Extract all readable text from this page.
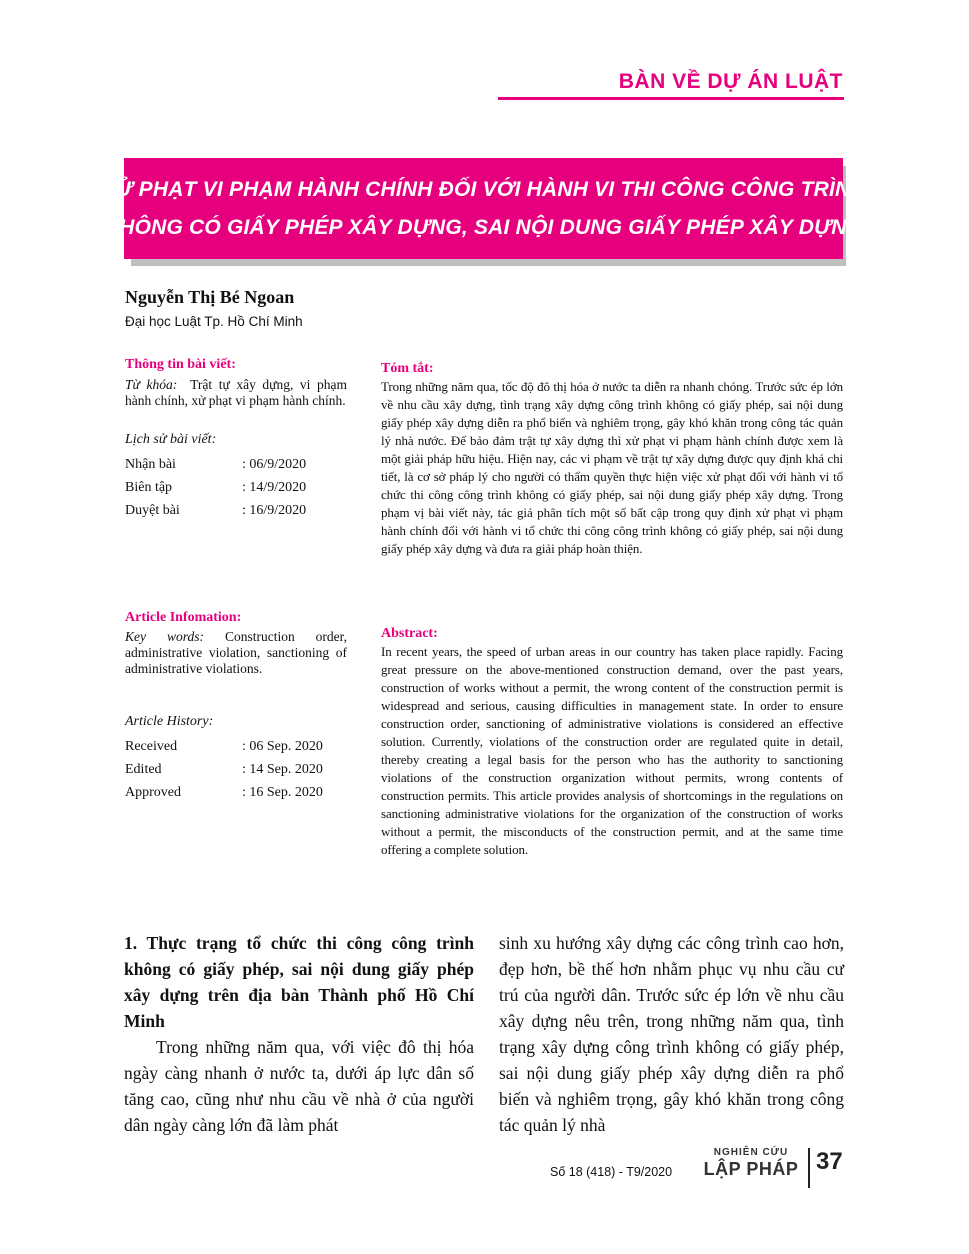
BÀN VỀ DỰ ÁN LUẬT
XỬ PHẠT VI PHẠM HÀNH CHÍNH ĐỐI VỚI HÀNH VI THI CÔNG CÔNG TRÌNH
KHÔNG CÓ GIẤY PHÉP XÂY DỰNG, SAI NỘI DUNG GIẤY PHÉP XÂY DỰNG
Nguyễn Thị Bé Ngoan
Đại học Luật Tp. Hồ Chí Minh
Thông tin bài viết:
Từ khóa: Trật tự xây dựng, vi phạm hành chính, xử phạt vi phạm hành chính.
Lịch sử bài viết:
Nhận bài	: 06/9/2020
Biên tập	: 14/9/2020
Duyệt bài	: 16/9/2020
Article Infomation:
Key words: Construction order, administrative violation, sanctioning of administrative violations.
Article History:
Received	: 06 Sep. 2020
Edited	: 14 Sep. 2020
Approved	: 16 Sep. 2020
Tóm tắt:
Trong những năm qua, tốc độ đô thị hóa ở nước ta diễn ra nhanh chóng. Trước sức ép lớn về nhu cầu xây dựng, tình trạng xây dựng công trình không có giấy phép, sai nội dung giấy phép xây dựng diễn ra phổ biến và nghiêm trọng, gây khó khăn trong công tác quản lý nhà nước. Để bảo đảm trật tự xây dựng thì xử phạt vi phạm hành chính được xem là một giải pháp hữu hiệu. Hiện nay, các vi phạm về trật tự xây dựng được quy định khá chi tiết, là cơ sở pháp lý cho người có thẩm quyền thực hiện việc xử phạt đối với hành vi tổ chức thi công công trình không có giấy phép, sai nội dung giấy phép xây dựng. Trong phạm vị bài viết này, tác giả phân tích một số bất cập trong quy định xử phạt vi phạm hành chính đối với hành vi tổ chức thi công công trình không có giấy phép, sai nội dung giấy phép xây dựng và đưa ra giải pháp hoàn thiện.
Abstract:
In recent years, the speed of urban areas in our country has taken place rapidly. Facing great pressure on the above-mentioned construction demand, over the past years, construction of works without a permit, the wrong content of the construction permit is widespread and serious, causing difficulties in management state. In order to ensure construction order, sanctioning of administrative violations is considered an effective solution. Currently, violations of the construction order are regulated quite in detail, thereby creating a legal basis for the person who has the authority to sanctioning violations of the construction organization without permits, wrong contents of construction permits. This article provides analysis of shortcomings in the regulations on sanctioning administrative violations for the organization of the construction of works without a permit, the misconducts of the construction permit, and at the same time offering a complete solution.
1. Thực trạng tổ chức thi công công trình không có giấy phép, sai nội dung giấy phép xây dựng trên địa bàn Thành phố Hồ Chí Minh
Trong những năm qua, với việc đô thị hóa ngày càng nhanh ở nước ta, dưới áp lực dân số tăng cao, cũng như nhu cầu về nhà ở của người dân ngày càng lớn đã làm phát
sinh xu hướng xây dựng các công trình cao hơn, đẹp hơn, bề thế hơn nhằm phục vụ nhu cầu cư trú của người dân. Trước sức ép lớn về nhu cầu xây dựng nêu trên, trong những năm qua, tình trạng xây dựng công trình không có giấy phép, sai nội dung giấy phép xây dựng diễn ra phổ biến và nghiêm trọng, gây khó khăn trong công tác quản lý nhà
Số 18 (418) - T9/2020
NGHIÊN CỨU
LẬP PHÁP 37
